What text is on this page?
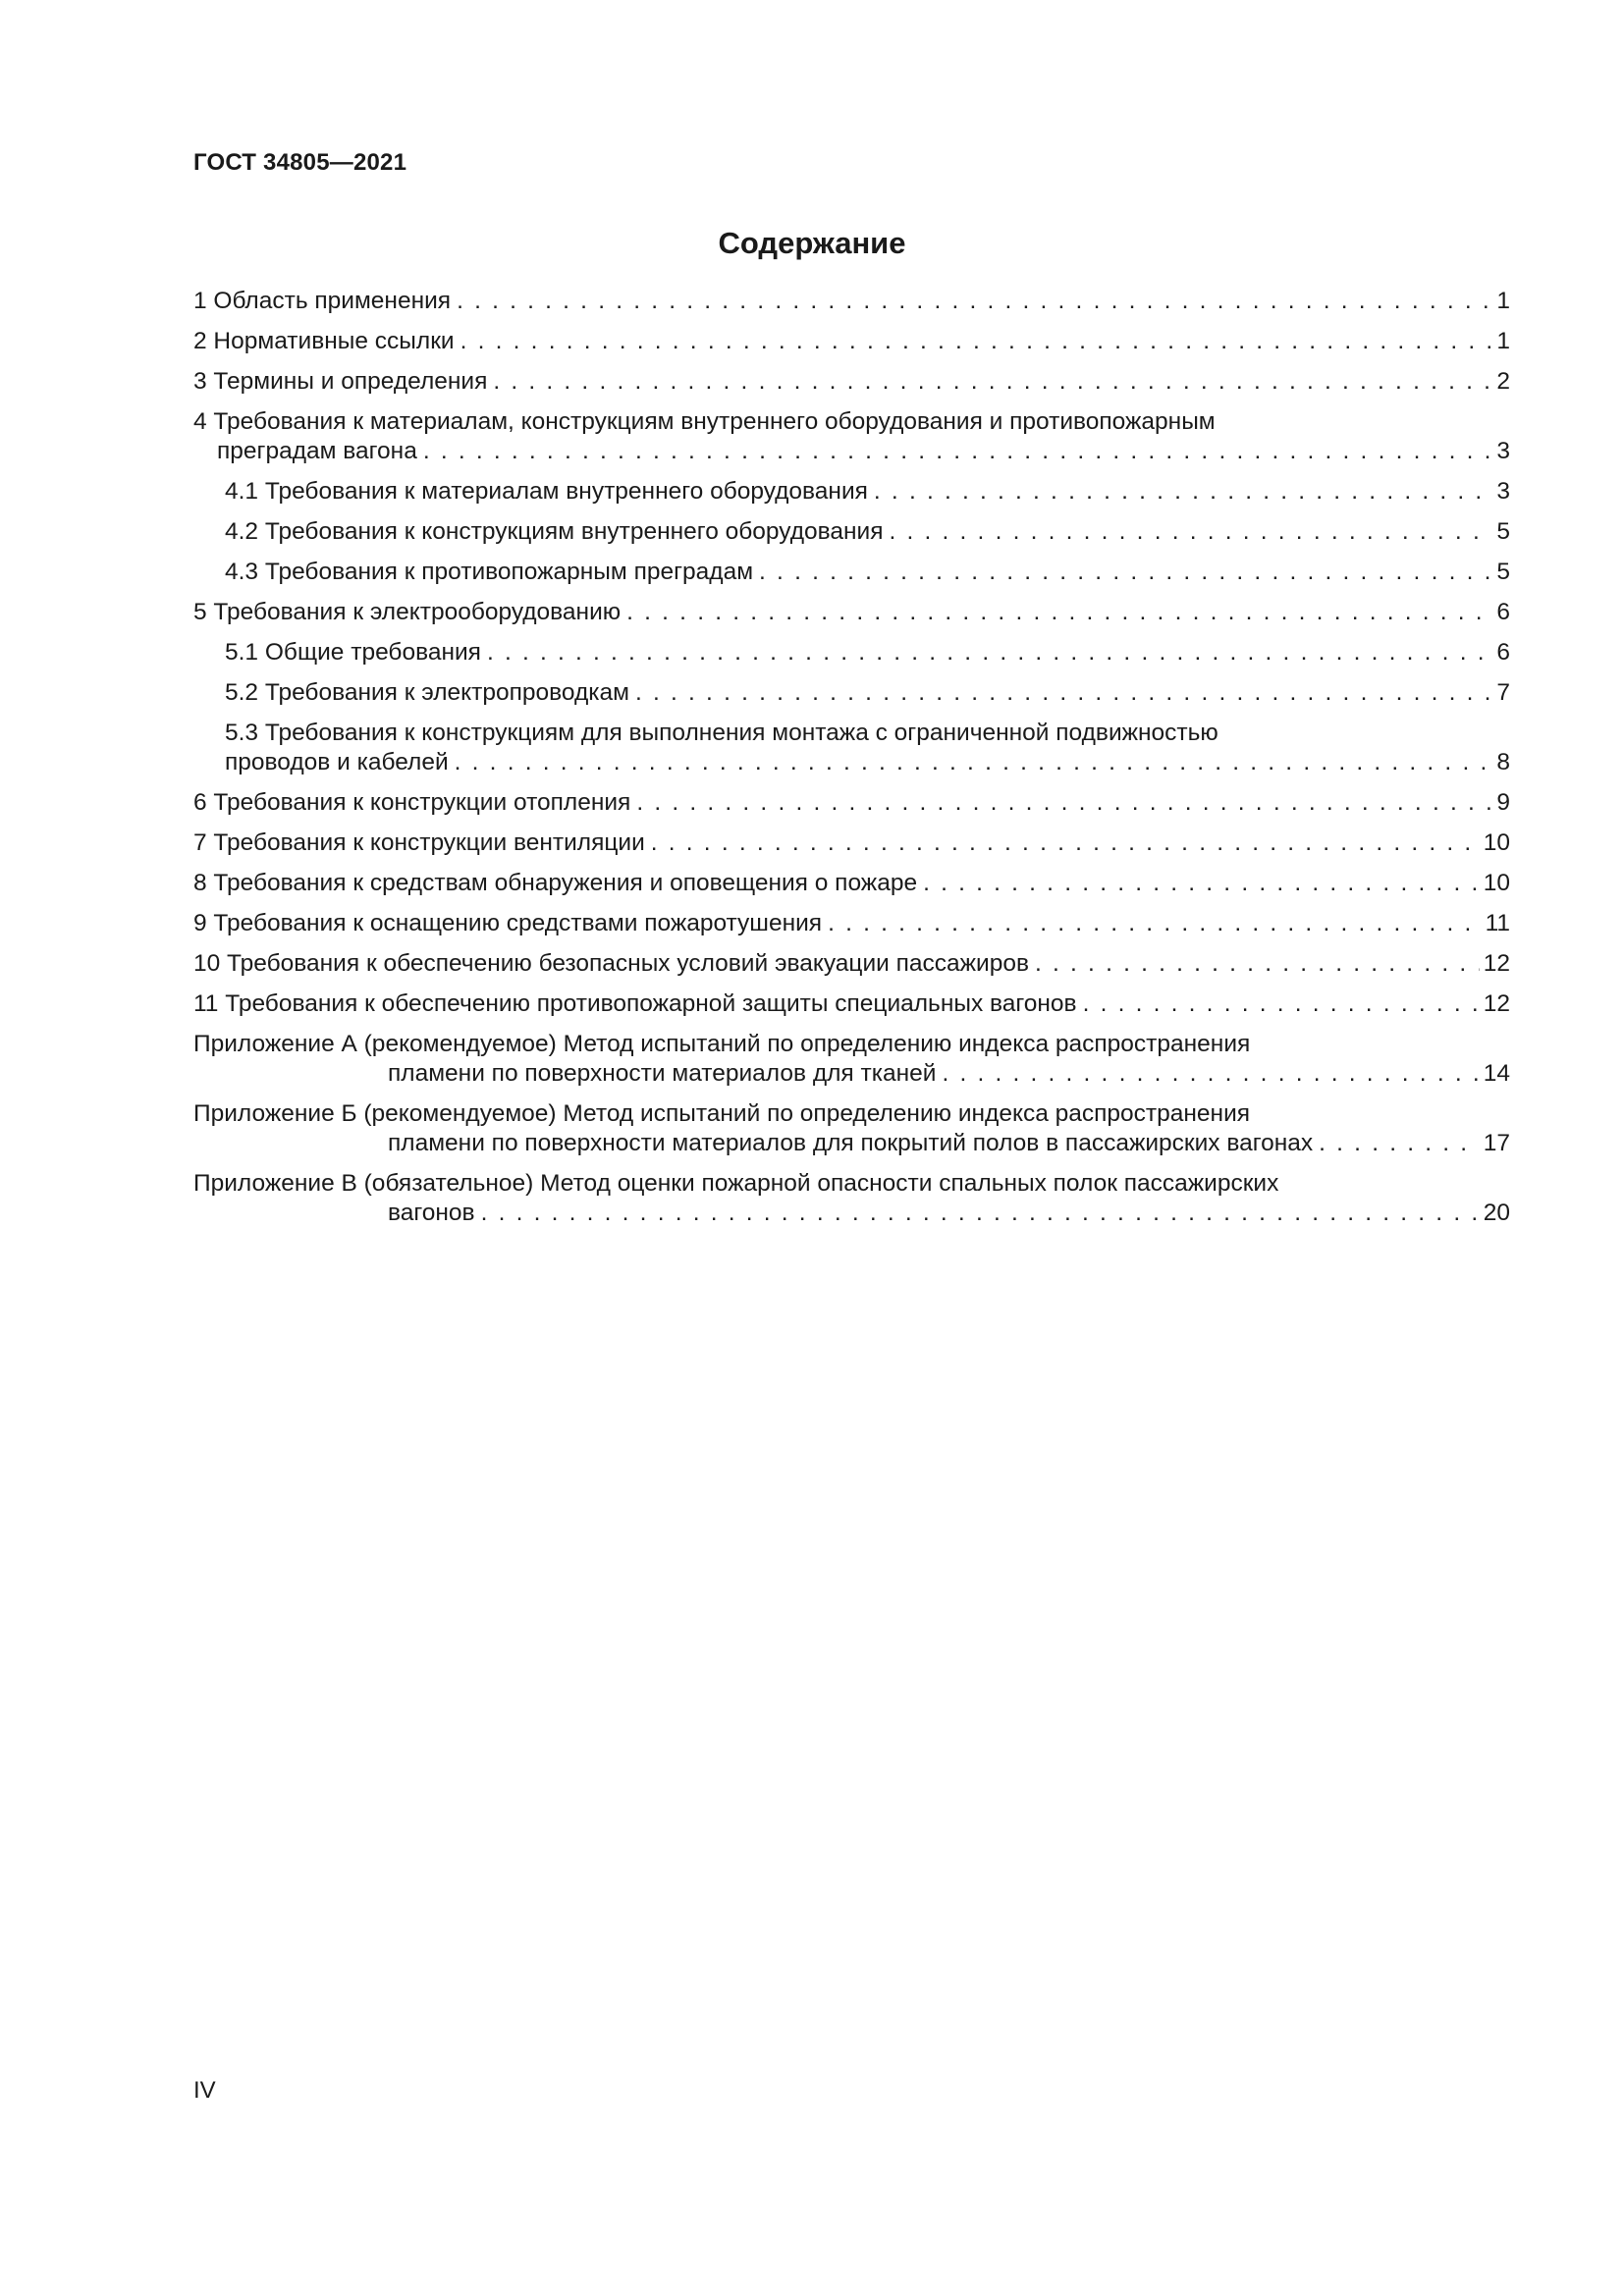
ГОСТ 34805—2021
Содержание
1 Область применения . . .	1
2 Нормативные ссылки . . .	1
3 Термины и определения . . .	2
4 Требования к материалам, конструкциям внутреннего оборудования и противопожарным
преградам вагона . . .	3
4.1 Требования к материалам внутреннего оборудования . . .	3
4.2 Требования к конструкциям внутреннего оборудования . . .	5
4.3 Требования к противопожарным преградам . . .	5
5 Требования к электрооборудованию . . .	6
5.1 Общие требования . . .	6
5.2 Требования к электропроводкам . . .	7
5.3 Требования к конструкциям для выполнения монтажа с ограниченной подвижностью
проводов и кабелей . . .	8
6 Требования к конструкции отопления . . .	9
7 Требования к конструкции вентиляции . . .	10
8 Требования к средствам обнаружения и оповещения о пожаре . . .	10
9 Требования к оснащению средствами пожаротушения . . .	11
10 Требования к обеспечению безопасных условий эвакуации пассажиров . . .	12
11 Требования к обеспечению противопожарной защиты специальных вагонов . . .	12
Приложение А (рекомендуемое) Метод испытаний по определению индекса распространения
пламени по поверхности материалов для тканей . . .	14
Приложение Б (рекомендуемое) Метод испытаний по определению индекса распространения
пламени по поверхности материалов для покрытий полов в пассажирских вагонах . . .	17
Приложение В (обязательное) Метод оценки пожарной опасности спальных полок пассажирских
вагонов . . .	20
IV
